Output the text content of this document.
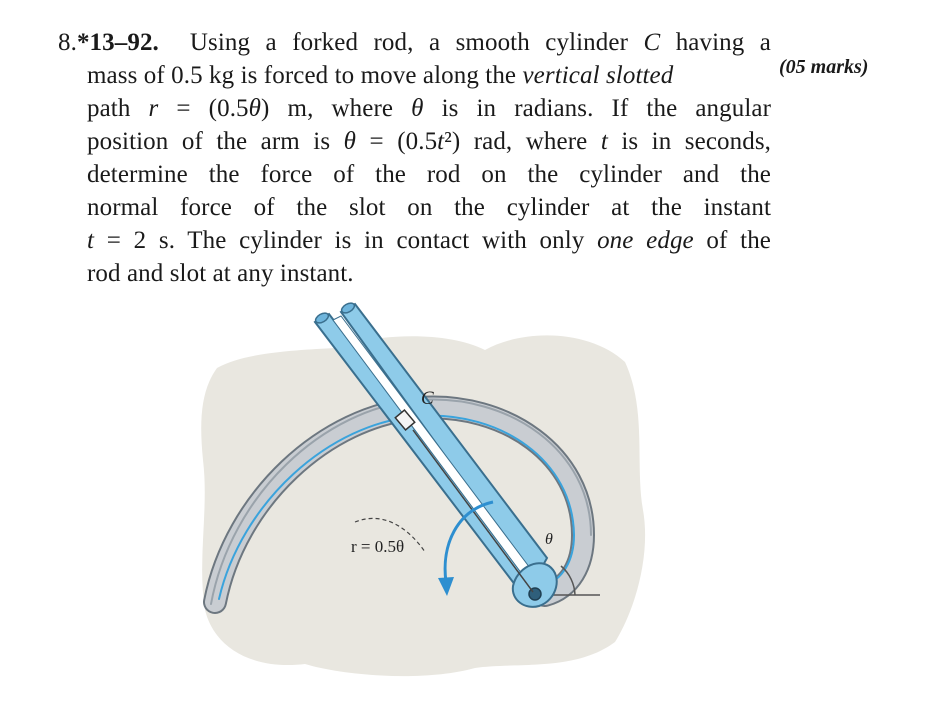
8.*13–92. Using a forked rod, a smooth cylinder C having a
mass of 0.5 kg is forced to move along the vertical slotted
path r = (0.5θ) m, where θ is in radians. If the angular
position of the arm is θ = (0.5t²) rad, where t is in seconds,
determine the force of the rod on the cylinder and the
normal force of the slot on the cylinder at the instant
t = 2 s. The cylinder is in contact with only one edge of the
rod and slot at any instant.
(05 marks)
C
r = 0.5θ	θ
